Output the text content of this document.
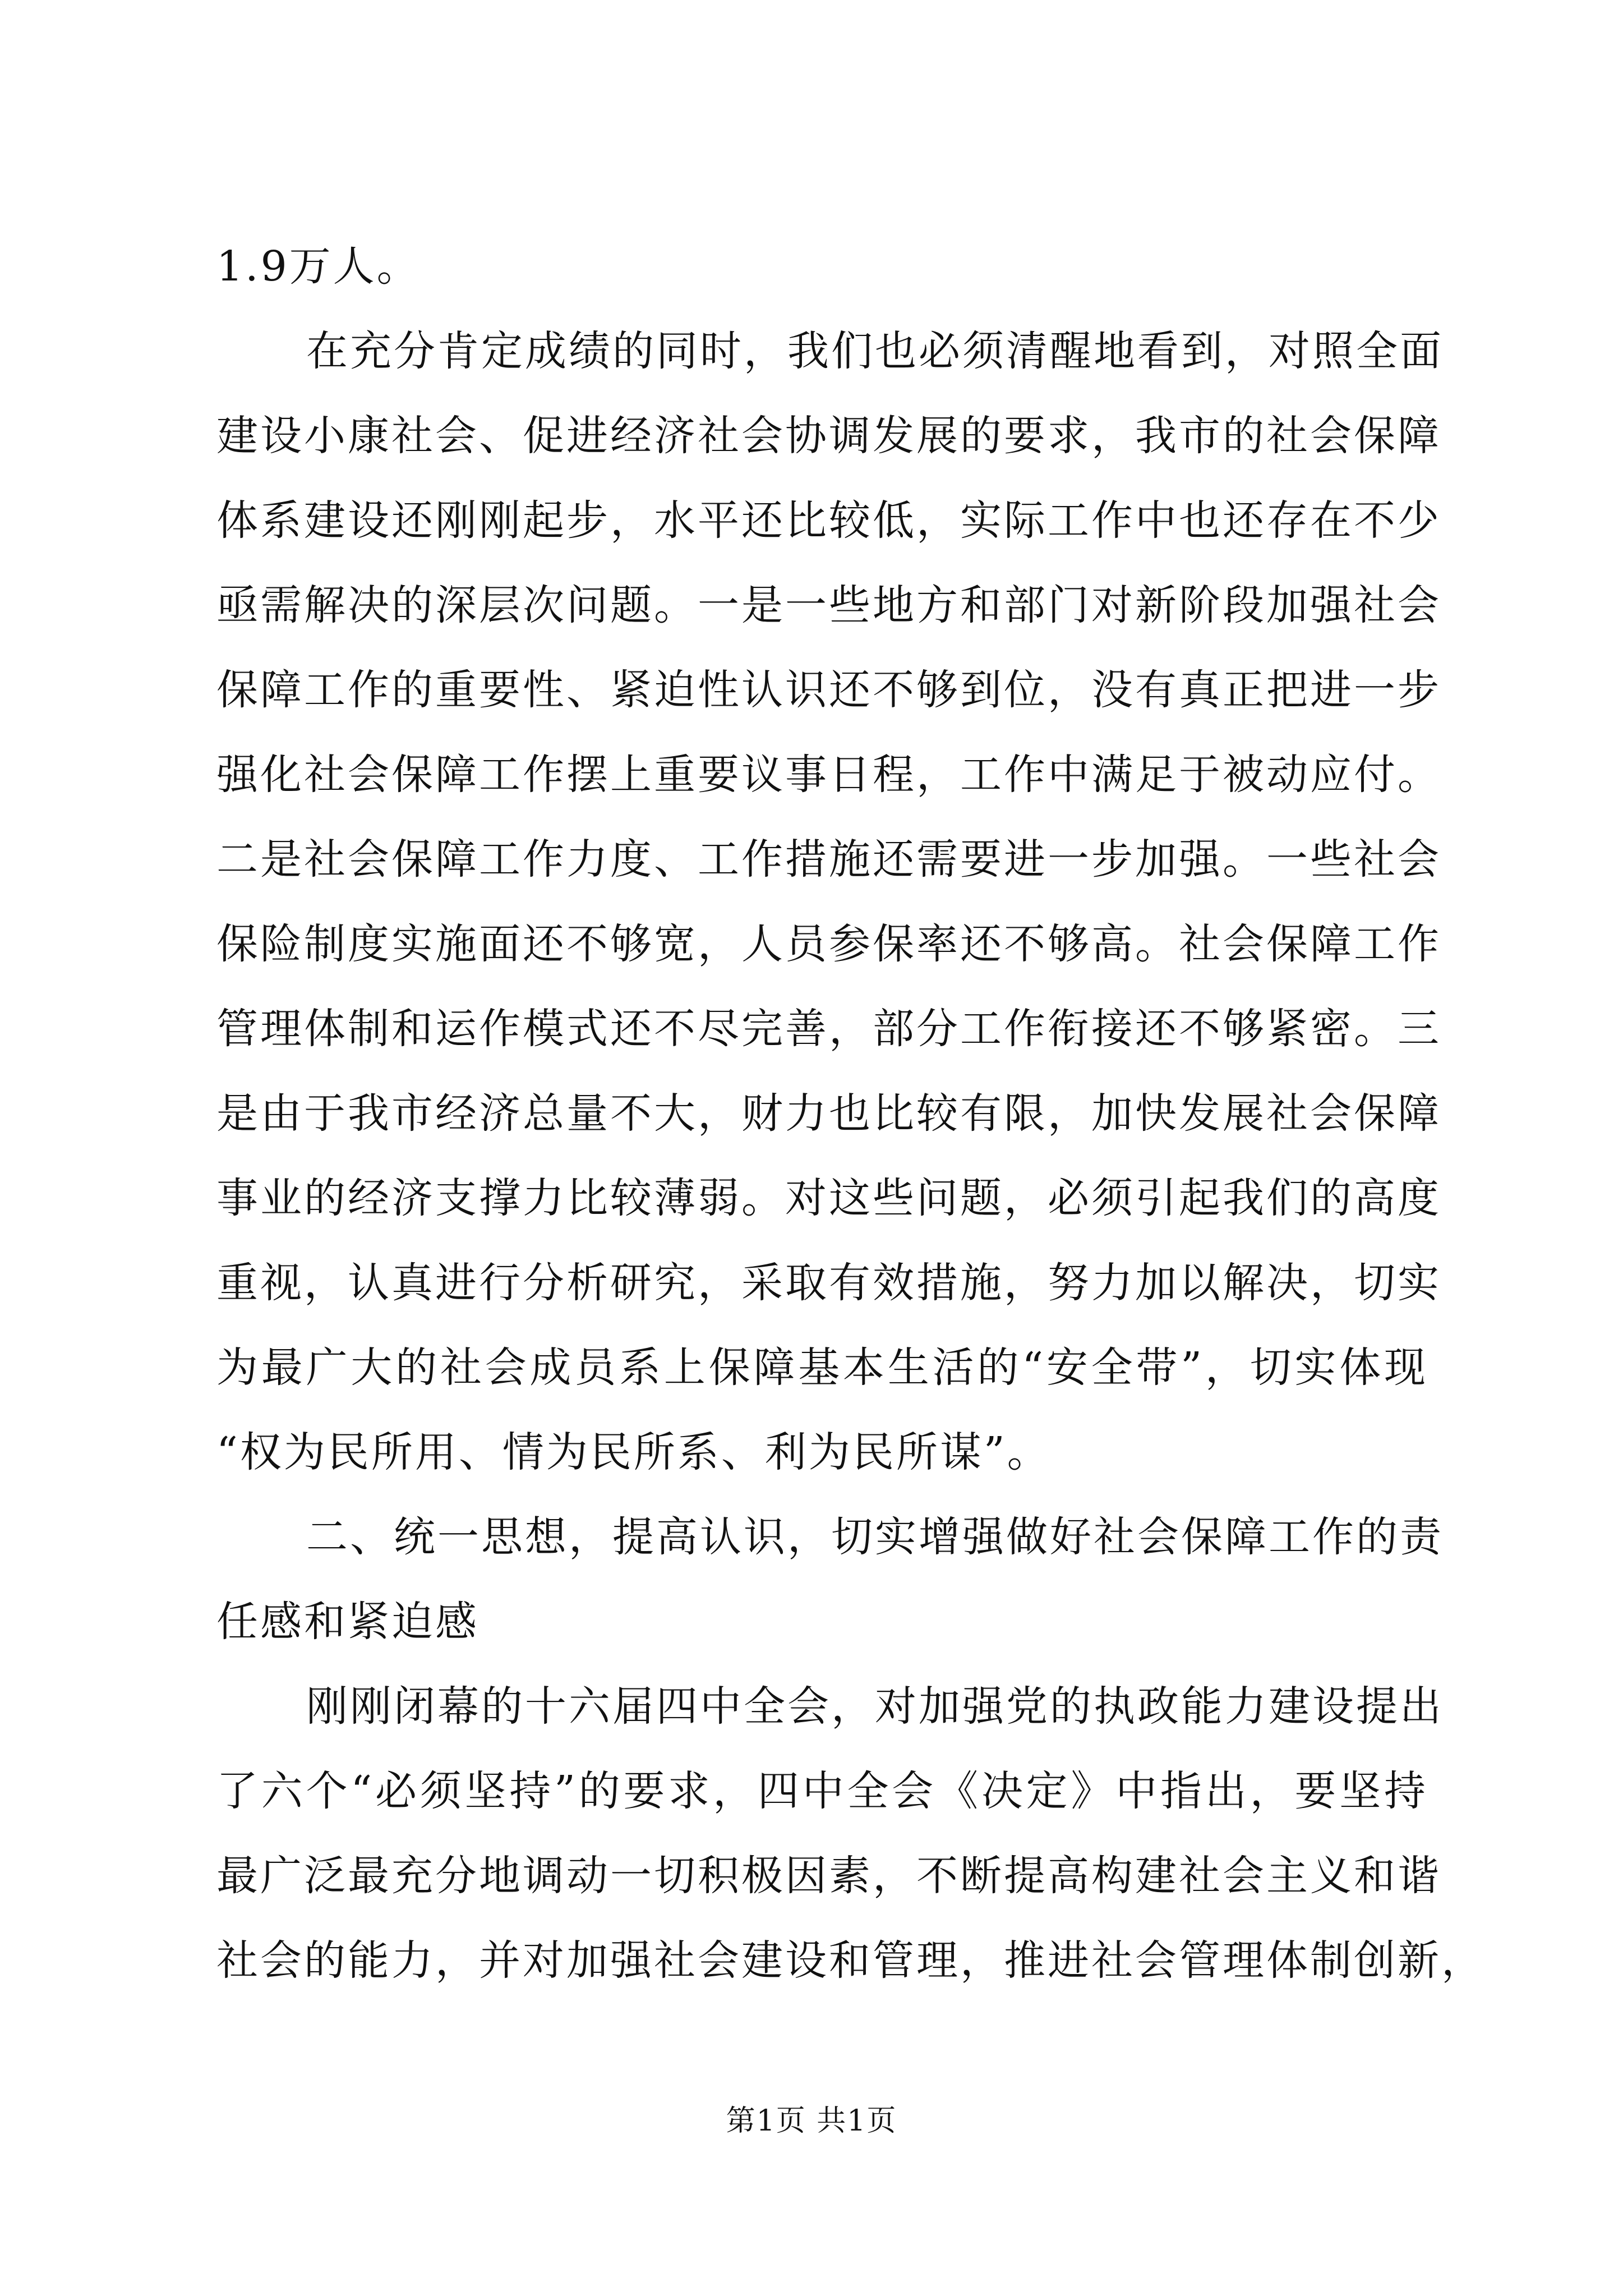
1.9万人。
在充分肯定成绩的同时，我们也必须清醒地看到，对照全面
建设小康社会、促进经济社会协调发展的要求，我市的社会保障
体系建设还刚刚起步，水平还比较低，实际工作中也还存在不少
亟需解决的深层次问题。一是一些地方和部门对新阶段加强社会
保障工作的重要性、紧迫性认识还不够到位，没有真正把进一步
强化社会保障工作摆上重要议事日程，工作中满足于被动应付。
二是社会保障工作力度、工作措施还需要进一步加强。一些社会
保险制度实施面还不够宽，人员参保率还不够高。社会保障工作
管理体制和运作模式还不尽完善，部分工作衔接还不够紧密。三
是由于我市经济总量不大，财力也比较有限，加快发展社会保障
事业的经济支撑力比较薄弱。对这些问题，必须引起我们的高度
重视，认真进行分析研究，采取有效措施，努力加以解决，切实
为最广大的社会成员系上保障基本生活的“安全带”，切实体现
“权为民所用、情为民所系、利为民所谋”。
二、统一思想，提高认识，切实增强做好社会保障工作的责
任感和紧迫感
刚刚闭幕的十六届四中全会，对加强党的执政能力建设提出
了六个“必须坚持”的要求，四中全会《决定》中指出，要坚持
最广泛最充分地调动一切积极因素，不断提高构建社会主义和谐
社会的能力，并对加强社会建设和管理，推进社会管理体制创新，
第1页 共1页
